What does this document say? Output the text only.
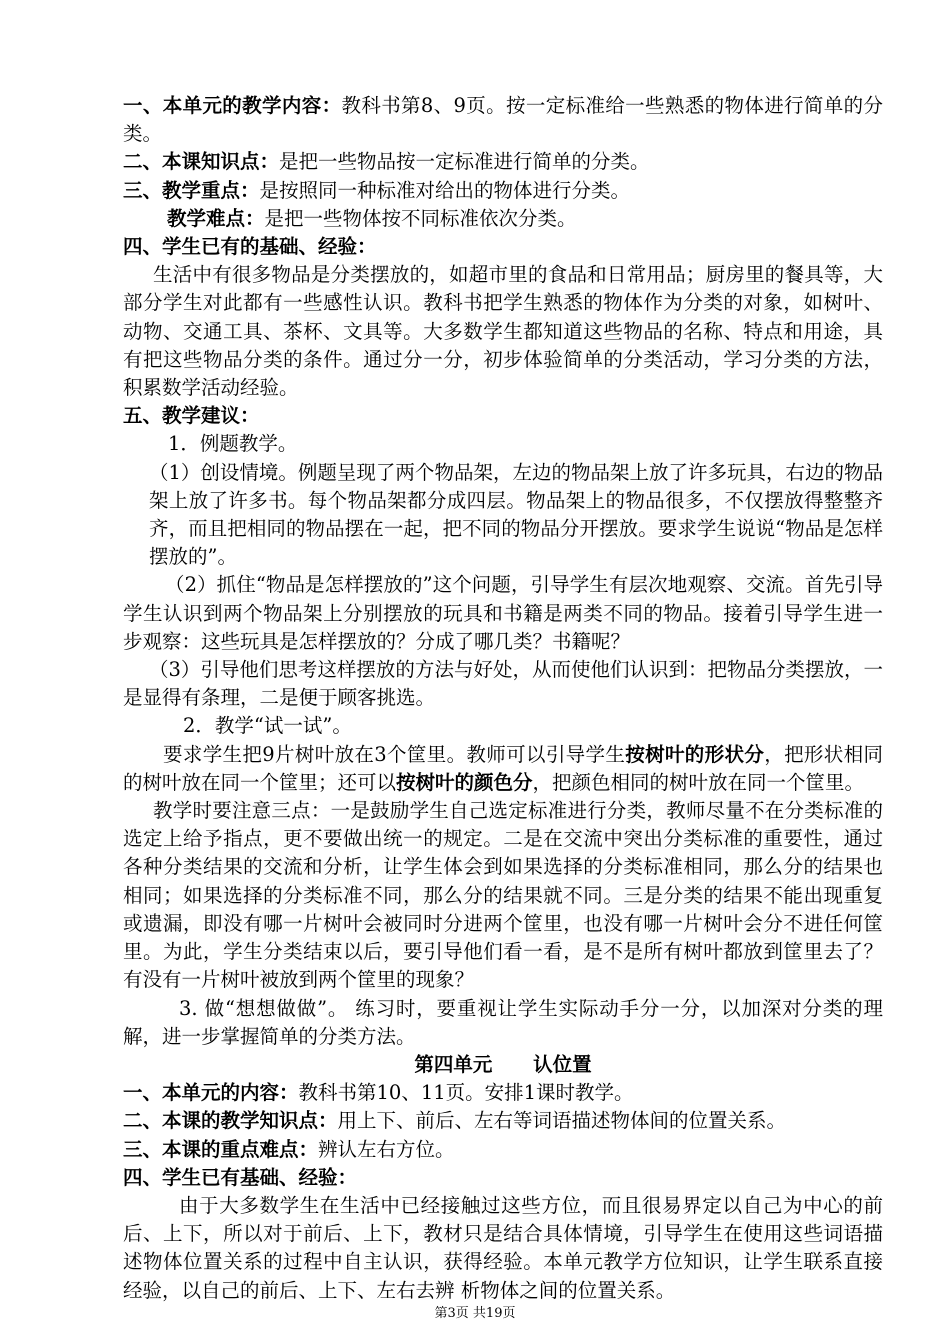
一、本单元的教学内容：教科书第8、9页。按一定标准给一些熟悉的物体进行简单的分类。

二、本课知识点：是把一些物品按一定标准进行简单的分类。

三、教学重点：是按照同一种标准对给出的物体进行分类。

教学难点：是把一些物体按不同标准依次分类。

四、学生已有的基础、经验：

生活中有很多物品是分类摆放的，如超市里的食品和日常用品；厨房里的餐具等，大部分学生对此都有一些感性认识。教科书把学生熟悉的物体作为分类的对象，如树叶、动物、交通工具、茶杯、文具等。大多数学生都知道这些物品的名称、特点和用途，具有把这些物品分类的条件。通过分一分，初步体验简单的分类活动，学习分类的方法，积累数学活动经验。

五、教学建议：

1．例题教学。

（1）创设情境。例题呈现了两个物品架，左边的物品架上放了许多玩具，右边的物品架上放了许多书。每个物品架都分成四层。物品架上的物品很多，不仅摆放得整整齐齐，而且把相同的物品摆在一起，把不同的物品分开摆放。要求学生说说“物品是怎样摆放的”。

（2）抓住“物品是怎样摆放的”这个问题，引导学生有层次地观察、交流。首先引导学生认识到两个物品架上分别摆放的玩具和书籍是两类不同的物品。接着引导学生进一步观察：这些玩具是怎样摆放的？分成了哪几类？书籍呢？

（3）引导他们思考这样摆放的方法与好处，从而使他们认识到：把物品分类摆放，一是显得有条理，二是便于顾客挑选。

2．教学“试一试”。

要求学生把9片树叶放在3个筐里。教师可以引导学生按树叶的形状分，把形状相同的树叶放在同一个筐里；还可以按树叶的颜色分，把颜色相同的树叶放在同一个筐里。

教学时要注意三点：一是鼓励学生自己选定标准进行分类，教师尽量不在分类标准的选定上给予指点，更不要做出统一的规定。二是在交流中突出分类标准的重要性，通过各种分类结果的交流和分析，让学生体会到如果选择的分类标准相同，那么分的结果也相同；如果选择的分类标准不同，那么分的结果就不同。三是分类的结果不能出现重复或遗漏，即没有哪一片树叶会被同时分进两个筐里，也没有哪一片树叶会分不进任何筐里。为此，学生分类结束以后，要引导他们看一看，是不是所有树叶都放到筐里去了？有没有一片树叶被放到两个筐里的现象？

3. 做“想想做做”。 练习时，要重视让学生实际动手分一分，以加深对分类的理解，进一步掌握简单的分类方法。

第四单元      认位置

一、本单元的内容：教科书第10、11页。安排1课时教学。

二、本课的教学知识点：用上下、前后、左右等词语描述物体间的位置关系。

三、本课的重点难点：辨认左右方位。

四、学生已有基础、经验：

由于大多数学生在生活中已经接触过这些方位，而且很易界定以自己为中心的前后、上下，所以对于前后、上下，教材只是结合具体情境，引导学生在使用这些词语描述物体位置关系的过程中自主认识，获得经验。本单元教学方位知识，让学生联系直接经验，以自己的前后、上下、左右去辨 析物体之间的位置关系。

第3页 共19页
